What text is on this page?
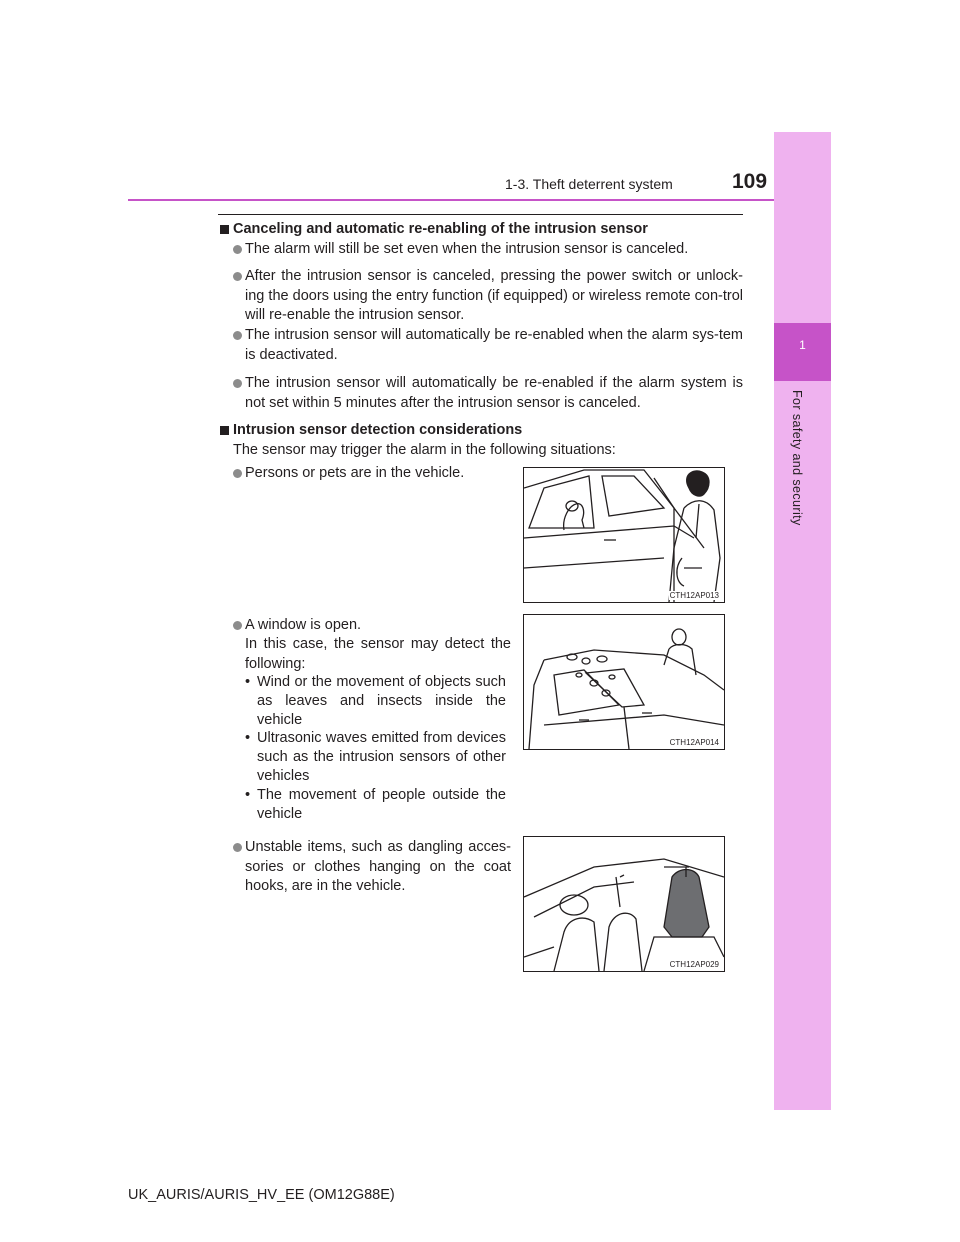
1-3. Theft deterrent system	109
1
For safety and security
Canceling and automatic re-enabling of the intrusion sensor
The alarm will still be set even when the intrusion sensor is canceled.
After the intrusion sensor is canceled, pressing the power switch or unlock-ing the doors using the entry function (if equipped) or wireless remote con-trol will re-enable the intrusion sensor.
The intrusion sensor will automatically be re-enabled when the alarm sys-tem is deactivated.
The intrusion sensor will automatically be re-enabled if the alarm system is not set within 5 minutes after the intrusion sensor is canceled.
Intrusion sensor detection considerations
The sensor may trigger the alarm in the following situations:
Persons or pets are in the vehicle.
A window is open.
In this case, the sensor may detect the following:
• Wind or the movement of objects such as leaves and insects inside the vehicle
• Ultrasonic waves emitted from devices such as the intrusion sensors of other vehicles
• The movement of people outside the vehicle
Unstable items, such as dangling acces-sories or clothes hanging on the coat hooks, are in the vehicle.
CTH12AP013
CTH12AP014
CTH12AP029
UK_AURIS/AURIS_HV_EE (OM12G88E)
